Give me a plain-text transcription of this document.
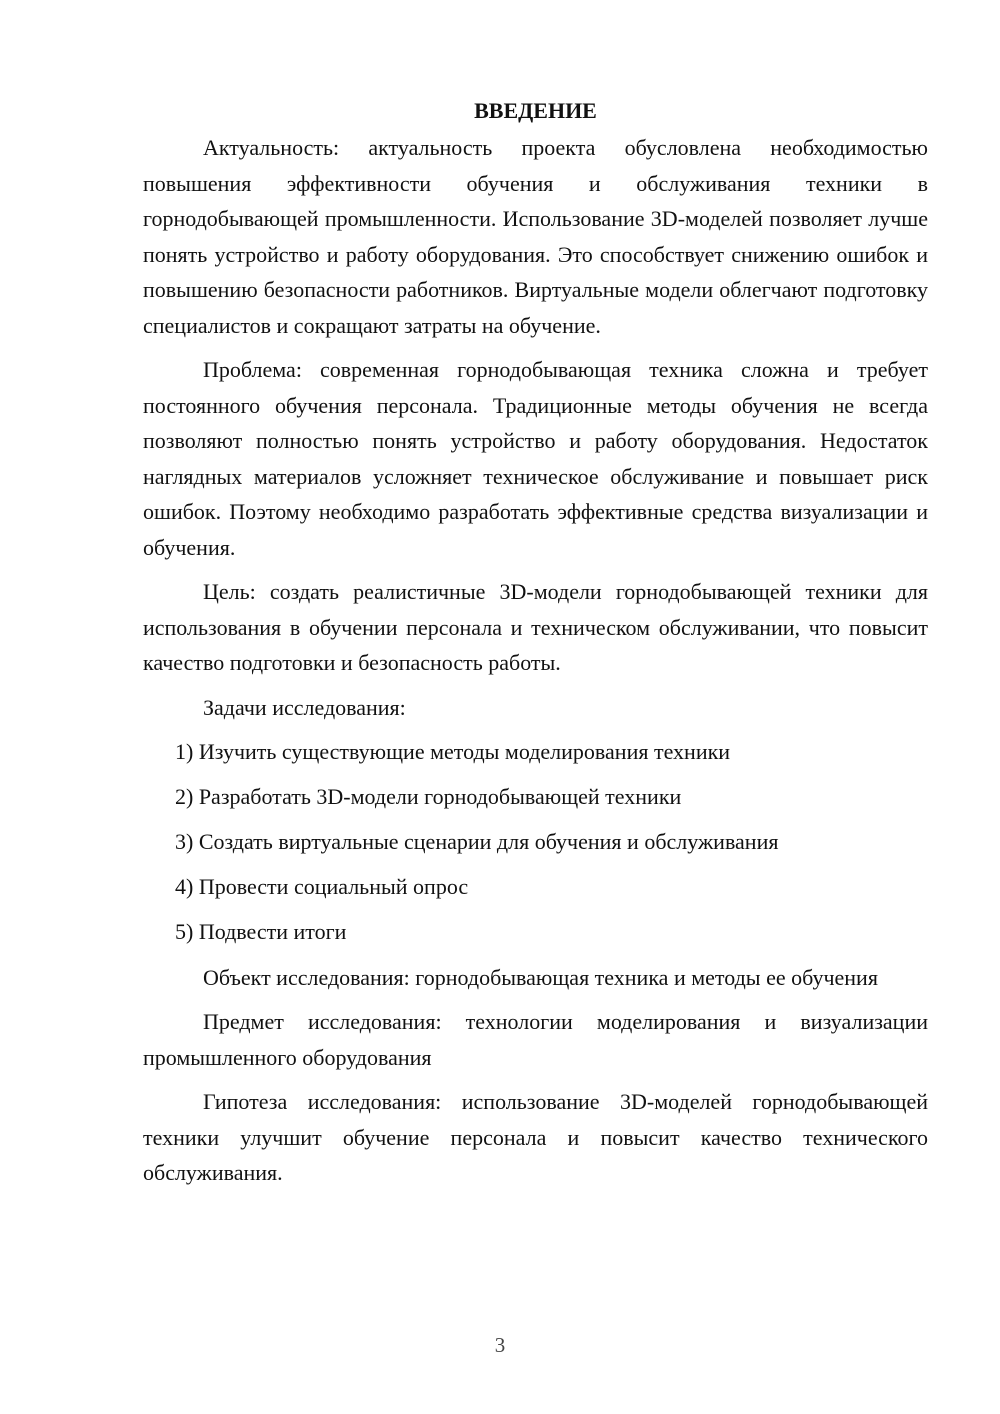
ВВЕДЕНИЕ

Актуальность: актуальность проекта обусловлена необходимостью повышения эффективности обучения и обслуживания техники в горнодобывающей промышленности. Использование 3D-моделей позволяет лучше понять устройство и работу оборудования. Это способствует снижению ошибок и повышению безопасности работников. Виртуальные модели облегчают подготовку специалистов и сокращают затраты на обучение.

Проблема: современная горнодобывающая техника сложна и требует постоянного обучения персонала. Традиционные методы обучения не всегда позволяют полностью понять устройство и работу оборудования. Недостаток наглядных материалов усложняет техническое обслуживание и повышает риск ошибок. Поэтому необходимо разработать эффективные средства визуализации и обучения.

Цель: создать реалистичные 3D-модели горнодобывающей техники для использования в обучении персонала и техническом обслуживании, что повысит качество подготовки и безопасность работы.

Задачи исследования:

1) Изучить существующие методы моделирования техники
2) Разработать 3D-модели горнодобывающей техники
3) Создать виртуальные сценарии для обучения и обслуживания
4) Провести социальный опрос
5) Подвести итоги

Объект исследования: горнодобывающая техника и методы ее обучения

Предмет исследования: технологии моделирования и визуализации промышленного оборудования

Гипотеза исследования: использование 3D-моделей горнодобывающей техники улучшит обучение персонала и повысит качество технического обслуживания.

3
